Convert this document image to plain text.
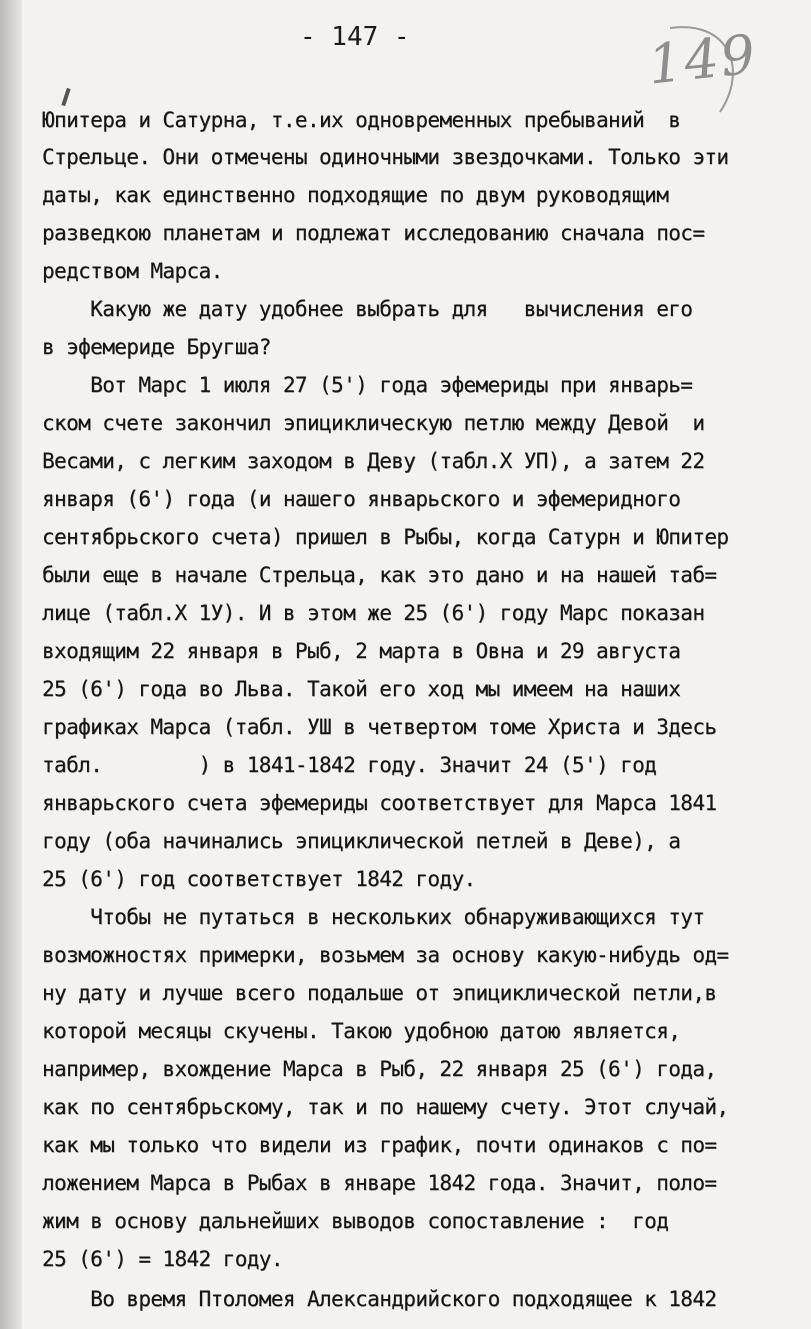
- 147 -	149
Юпитера и Сатурна, т.е.их одновременных пребываний  в
Стрельце. Они отмечены одиночными звездочками. Только эти
даты, как единственно подходящие по двум руководящим
разведкою планетам и подлежат исследованию сначала пос=
редством Марса.
Какую же дату удобнее выбрать для   вычисления его
в эфемериде Бругша?
Вот Марс 1 июля 27 (5') года эфемериды при январь=
ском счете закончил эпициклическую петлю между Девой  и
Весами, с легким заходом в Деву (табл.Х УП), а затем 22
января (6') года (и нашего январьского и эфемеридного
сентябрьского счета) пришел в Рыбы, когда Сатурн и Юпитер
были еще в начале Стрельца, как это дано и на нашей таб=
лице (табл.Х 1У). И в этом же 25 (6') году Марс показан
входящим 22 января в Рыб, 2 марта в Овна и 29 августа
25 (6') года во Льва. Такой его ход мы имеем на наших
графиках Марса (табл. УШ в четвертом томе Христа и Здесь
табл.        ) в 1841-1842 году. Значит 24 (5') год
январьского счета эфемериды соответствует для Марса 1841
году (оба начинались эпициклической петлей в Деве), а
25 (6') год соответствует 1842 году.
Чтобы не путаться в нескольких обнаруживающихся тут
возможностях примерки, возьмем за основу какую-нибудь од=
ну дату и лучше всего подальше от эпициклической петли,в
которой месяцы скучены. Такою удобною датою является,
например, вхождение Марса в Рыб, 22 января 25 (6') года,
как по сентябрьскому, так и по нашему счету. Этот случай,
как мы только что видели из график, почти одинаков с по=
ложением Марса в Рыбах в январе 1842 года. Значит, поло=
жим в основу дальнейших выводов сопоставление :  год
25 (6') = 1842 году.
Во время Птоломея Александрийского подходящее к 1842
